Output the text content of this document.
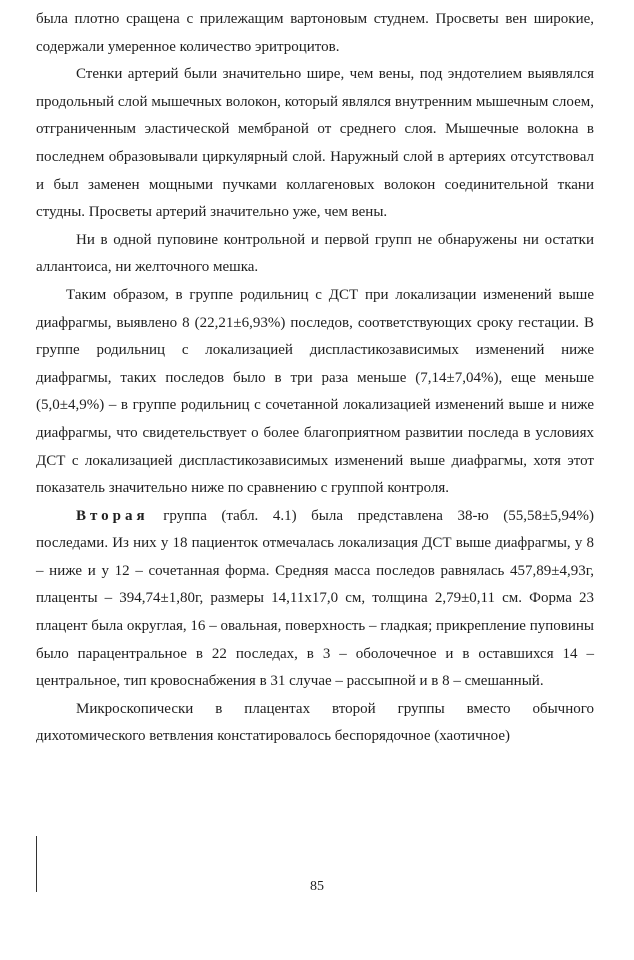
была плотно сращена с прилежащим вартоновым студнем. Просветы вен широкие, содержали умеренное количество эритроцитов.

Стенки артерий были значительно шире, чем вены, под эндотелием выявлялся продольный слой мышечных волокон, который являлся внутренним мышечным слоем, отграниченным эластической мембраной от среднего слоя. Мышечные волокна в последнем образовывали циркулярный слой. Наружный слой в артериях отсутствовал и был заменен мощными пучками коллагеновых волокон соединительной ткани студны. Просветы артерий значительно уже, чем вены.

Ни в одной пуповине контрольной и первой групп не обнаружены ни остатки аллантоиса, ни желточного мешка.

Таким образом, в группе родильниц с ДСТ при локализации изменений выше диафрагмы, выявлено 8 (22,21±6,93%) последов, соответствующих сроку гестации. В группе родильниц с локализацией диспластикозависимых изменений ниже диафрагмы, таких последов было в три раза меньше (7,14±7,04%), еще меньше (5,0±4,9%) – в группе родильниц с сочетанной локализацией изменений выше и ниже диафрагмы, что свидетельствует о более благоприятном развитии последа в условиях ДСТ с локализацией диспластикозависимых изменений выше диафрагмы, хотя этот показатель значительно ниже по сравнению с группой контроля.

Вторая группа (табл. 4.1) была представлена 38-ю (55,58±5,94%) последами. Из них у 18 пациенток отмечалась локализация ДСТ выше диафрагмы, у 8 – ниже и у 12 – сочетанная форма. Средняя масса последов равнялась 457,89±4,93г, плаценты – 394,74±1,80г, размеры 14,11x17,0 см, толщина 2,79±0,11 см. Форма 23 плацент была округлая, 16 – овальная, поверхность – гладкая; прикрепление пуповины было парацентральное в 22 последах, в 3 – оболочечное и в оставшихся 14 – центральное, тип кровоснабжения в 31 случае – рассыпной и в 8 – смешанный.

Микроскопически в плацентах второй группы вместо обычного дихотомического ветвления констатировалось беспорядочное (хаотичное)

85
